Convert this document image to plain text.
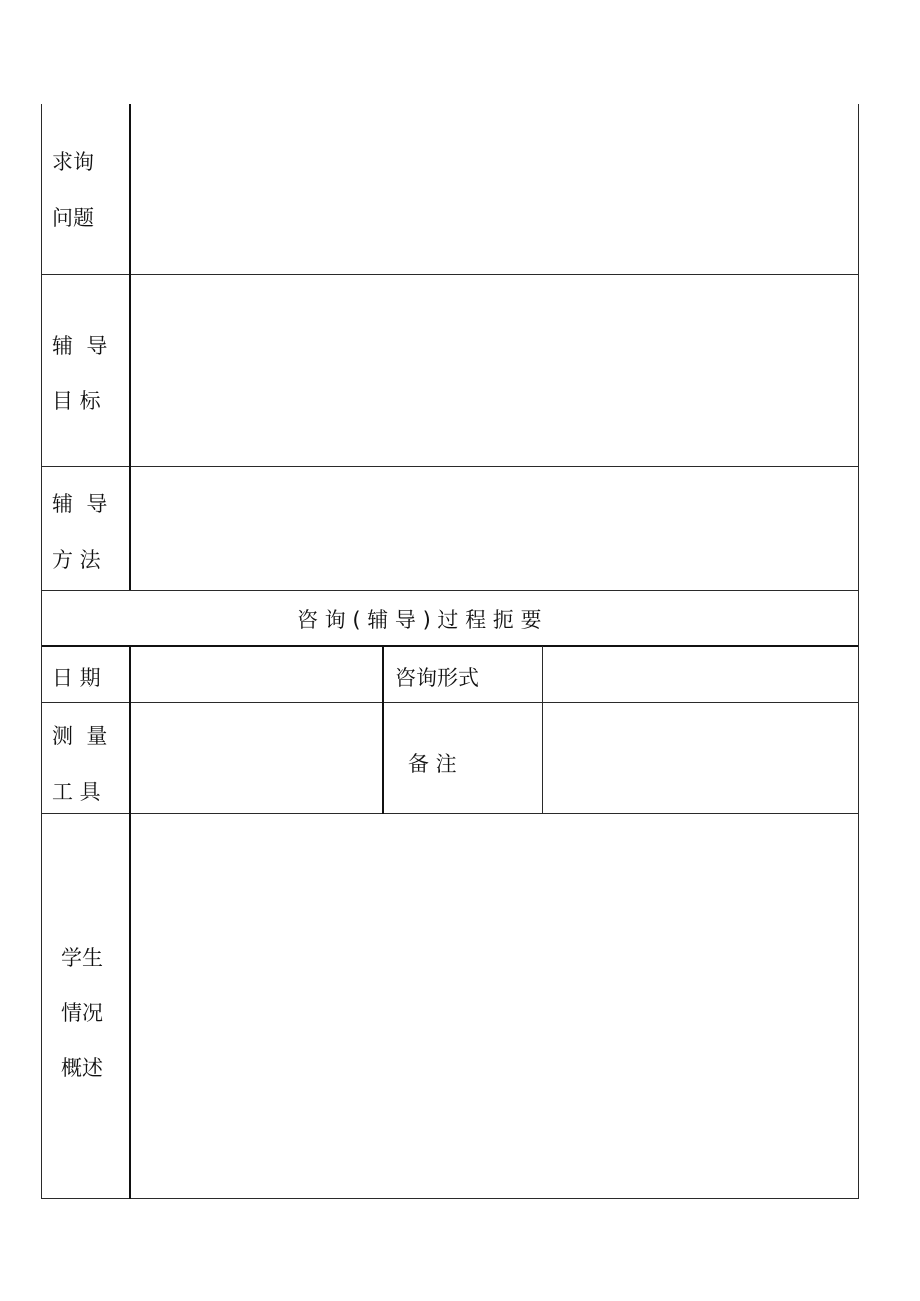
求询
问题
辅  导
目 标
辅  导
方 法
咨 询 ( 辅 导 ) 过 程 扼 要
日 期	咨询形式
测  量
工 具
备 注
学生
情况
概述
